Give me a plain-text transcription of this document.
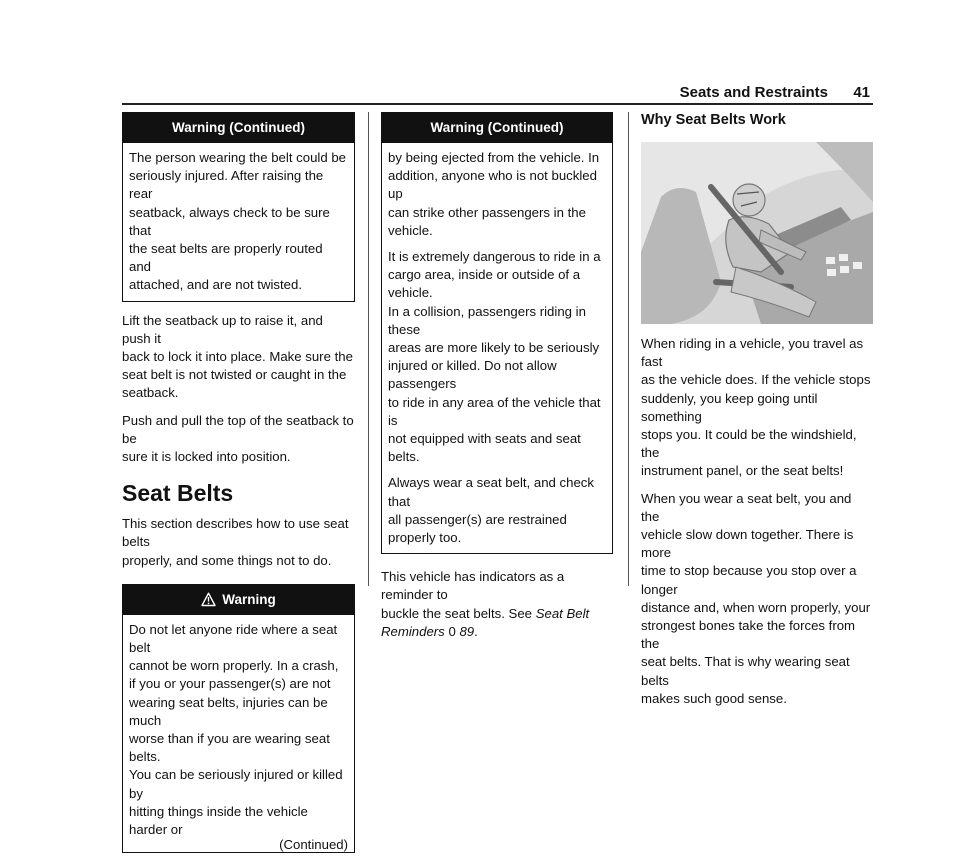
Seats and Restraints 41
Warning (Continued)

The person wearing the belt could be
seriously injured. After raising the rear
seatback, always check to be sure that
the seat belts are properly routed and
attached, and are not twisted.

Lift the seatback up to raise it, and push it
back to lock it into place. Make sure the
seat belt is not twisted or caught in the
seatback.

Push and pull the top of the seatback to be
sure it is locked into position.

Seat Belts

This section describes how to use seat belts
properly, and some things not to do.

Warning

Do not let anyone ride where a seat belt
cannot be worn properly. In a crash,
if you or your passenger(s) are not
wearing seat belts, injuries can be much
worse than if you are wearing seat belts.
You can be seriously injured or killed by
hitting things inside the vehicle harder or

(Continued)
Warning (Continued)

by being ejected from the vehicle. In
addition, anyone who is not buckled up
can strike other passengers in the vehicle.

It is extremely dangerous to ride in a
cargo area, inside or outside of a vehicle.
In a collision, passengers riding in these
areas are more likely to be seriously
injured or killed. Do not allow passengers
to ride in any area of the vehicle that is
not equipped with seats and seat belts.

Always wear a seat belt, and check that
all passenger(s) are restrained
properly too.

This vehicle has indicators as a reminder to
buckle the seat belts. See Seat Belt
Reminders 0 89.

Why Seat Belts Work

When riding in a vehicle, you travel as fast
as the vehicle does. If the vehicle stops
suddenly, you keep going until something
stops you. It could be the windshield, the
instrument panel, or the seat belts!

When you wear a seat belt, you and the
vehicle slow down together. There is more
time to stop because you stop over a longer
distance and, when worn properly, your
strongest bones take the forces from the
seat belts. That is why wearing seat belts
makes such good sense.
